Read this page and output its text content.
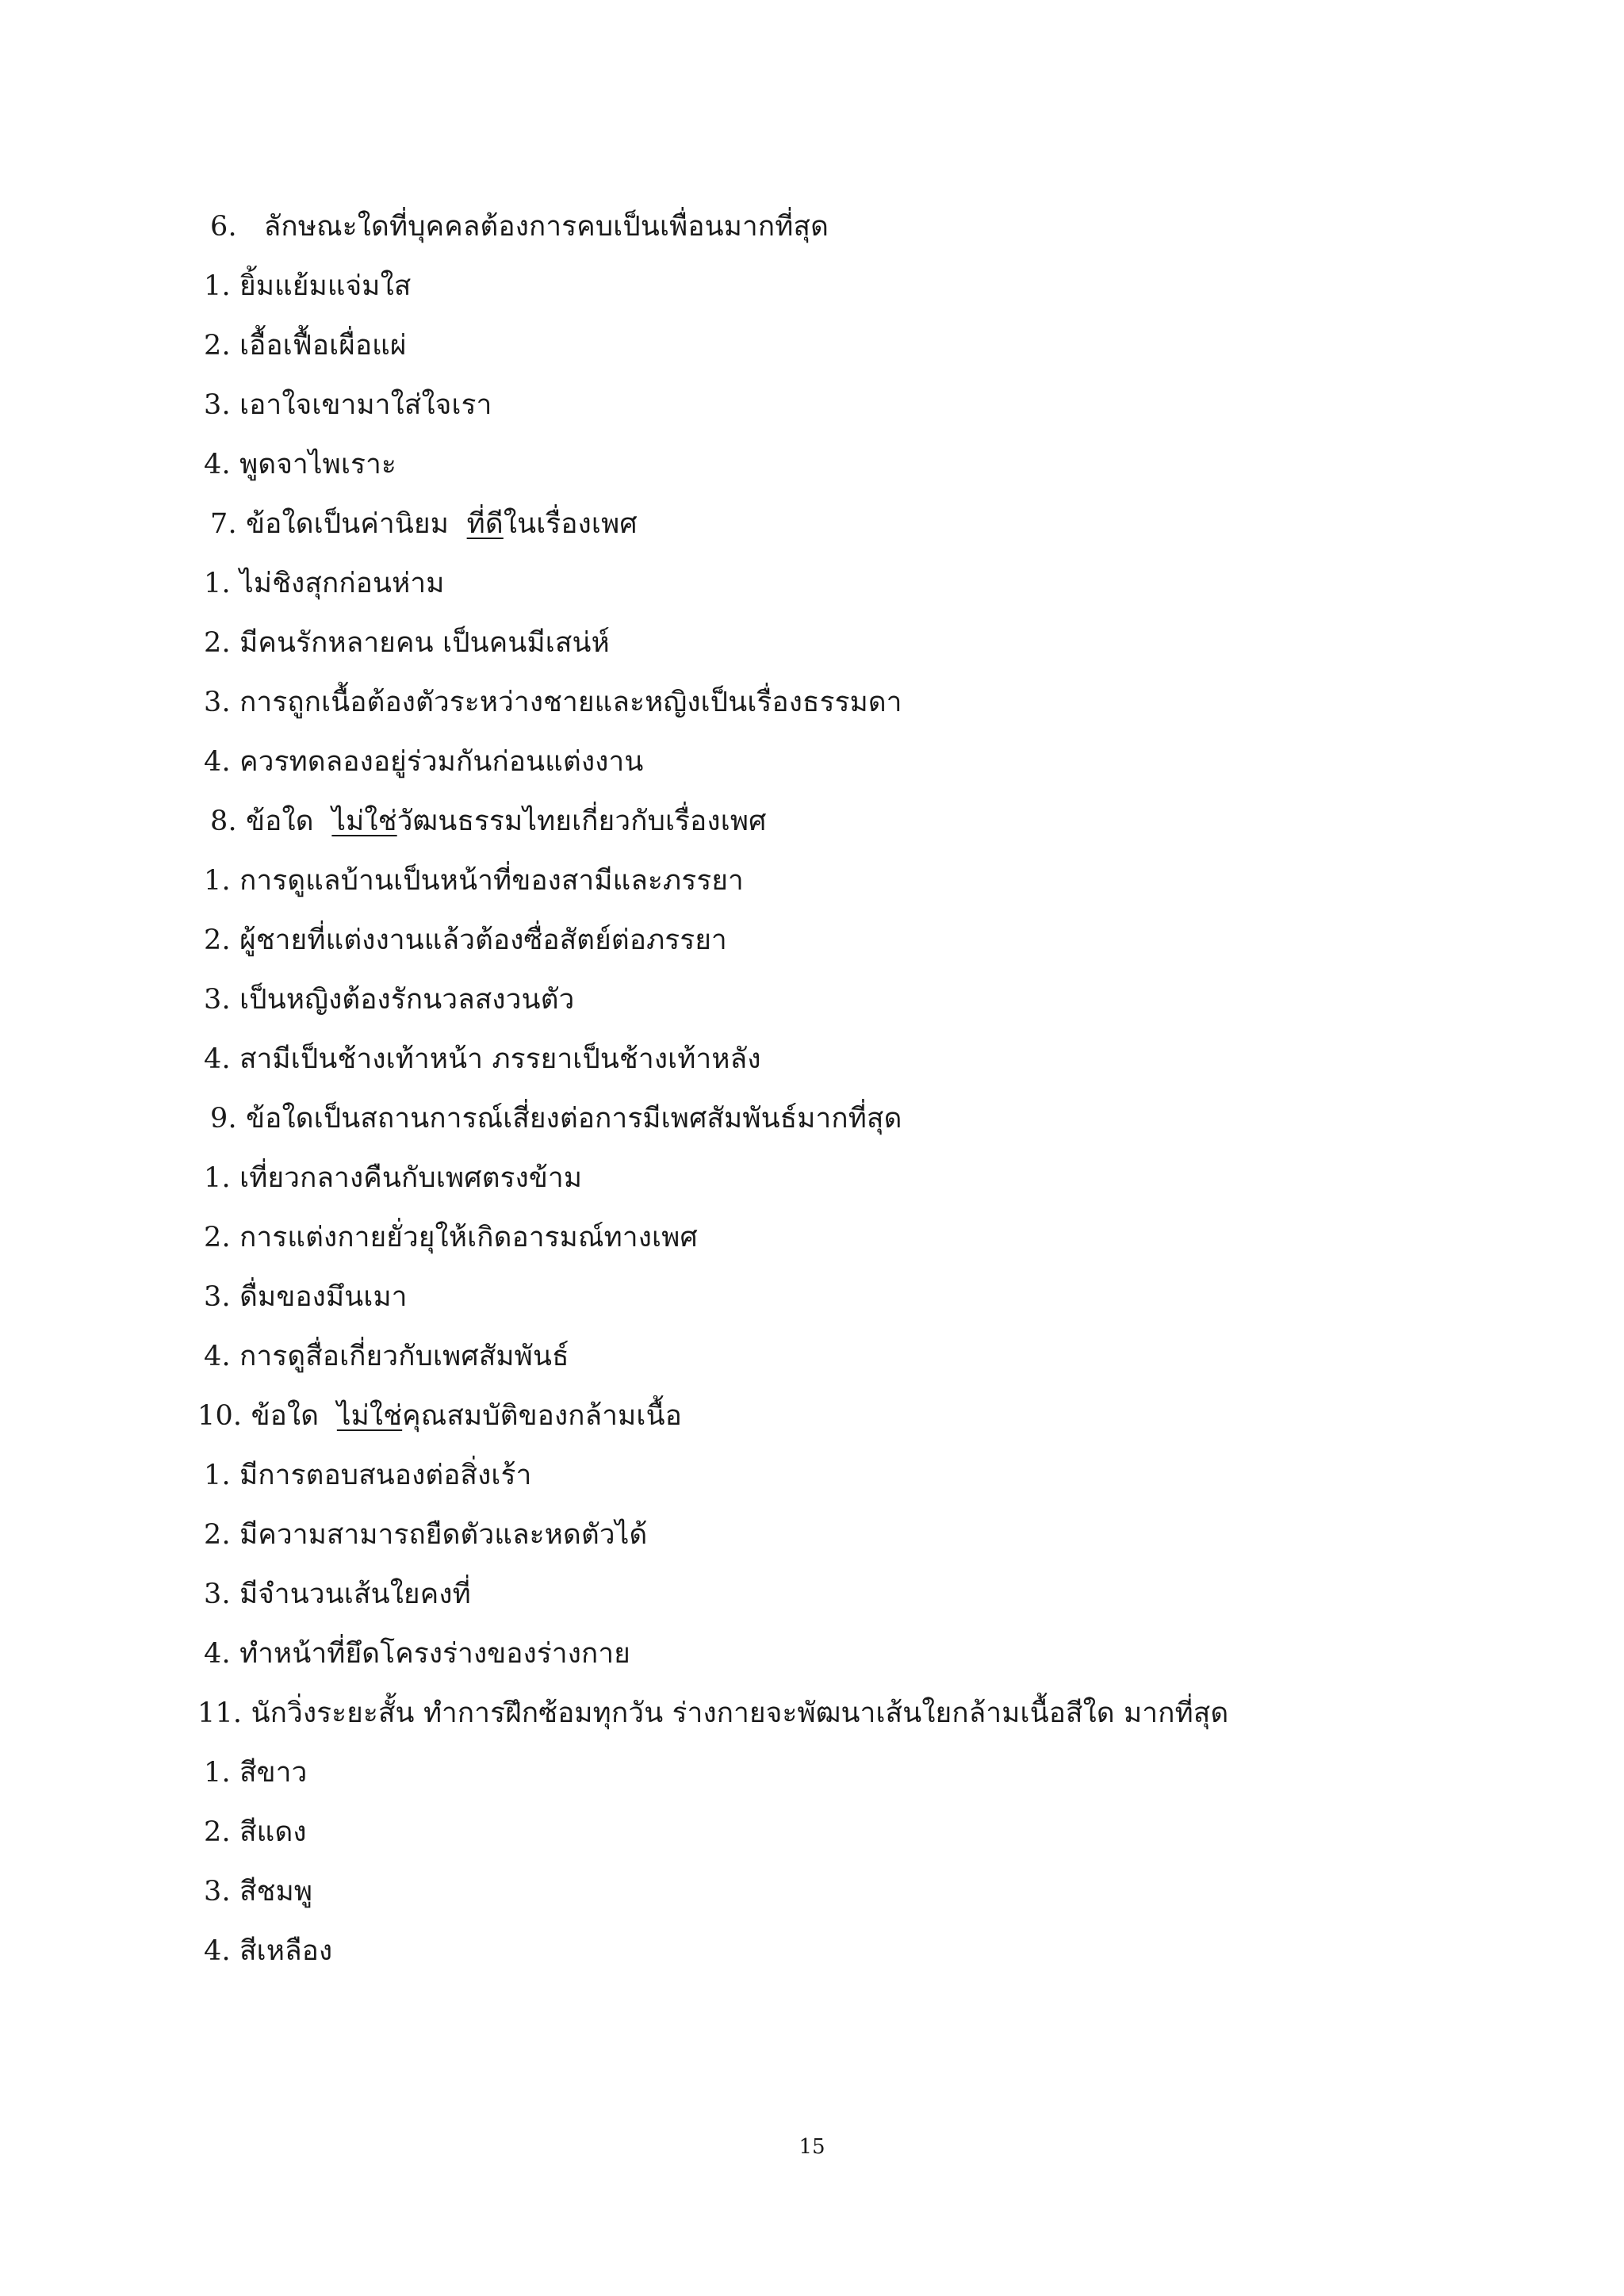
6. ลักษณะใดที่บุคคลต้องการคบเป็นเพื่อนมากที่สุด
1. ยิ้มแย้มแจ่มใส
2. เอื้อเฟื้อเผื่อแผ่
3. เอาใจเขามาใส่ใจเรา
4. พูดจาไพเราะ
7. ข้อใดเป็นค่านิยม ที่ดีในเรื่องเพศ
1. ไม่ชิงสุกก่อนห่าม
2. มีคนรักหลายคน เป็นคนมีเสน่ห์
3. การถูกเนื้อต้องตัวระหว่างชายและหญิงเป็นเรื่องธรรมดา
4. ควรทดลองอยู่ร่วมกันก่อนแต่งงาน
8. ข้อใด ไม่ใช่วัฒนธรรมไทยเกี่ยวกับเรื่องเพศ
1. การดูแลบ้านเป็นหน้าที่ของสามีและภรรยา
2. ผู้ชายที่แต่งงานแล้วต้องซื่อสัตย์ต่อภรรยา
3. เป็นหญิงต้องรักนวลสงวนตัว
4. สามีเป็นช้างเท้าหน้า ภรรยาเป็นช้างเท้าหลัง
9. ข้อใดเป็นสถานการณ์เสี่ยงต่อการมีเพศสัมพันธ์มากที่สุด
1. เที่ยวกลางคืนกับเพศตรงข้าม
2. การแต่งกายยั่วยุให้เกิดอารมณ์ทางเพศ
3. ดื่มของมึนเมา
4. การดูสื่อเกี่ยวกับเพศสัมพันธ์
10. ข้อใด ไม่ใช่คุณสมบัติของกล้ามเนื้อ
1. มีการตอบสนองต่อสิ่งเร้า
2. มีความสามารถยืดตัวและหดตัวได้
3. มีจำนวนเส้นใยคงที่
4. ทำหน้าที่ยึดโครงร่างของร่างกาย
11. นักวิ่งระยะสั้น ทำการฝึกซ้อมทุกวัน ร่างกายจะพัฒนาเส้นใยกล้ามเนื้อสีใด มากที่สุด
1. สีขาว
2. สีแดง
3. สีชมพู
4. สีเหลือง
15
